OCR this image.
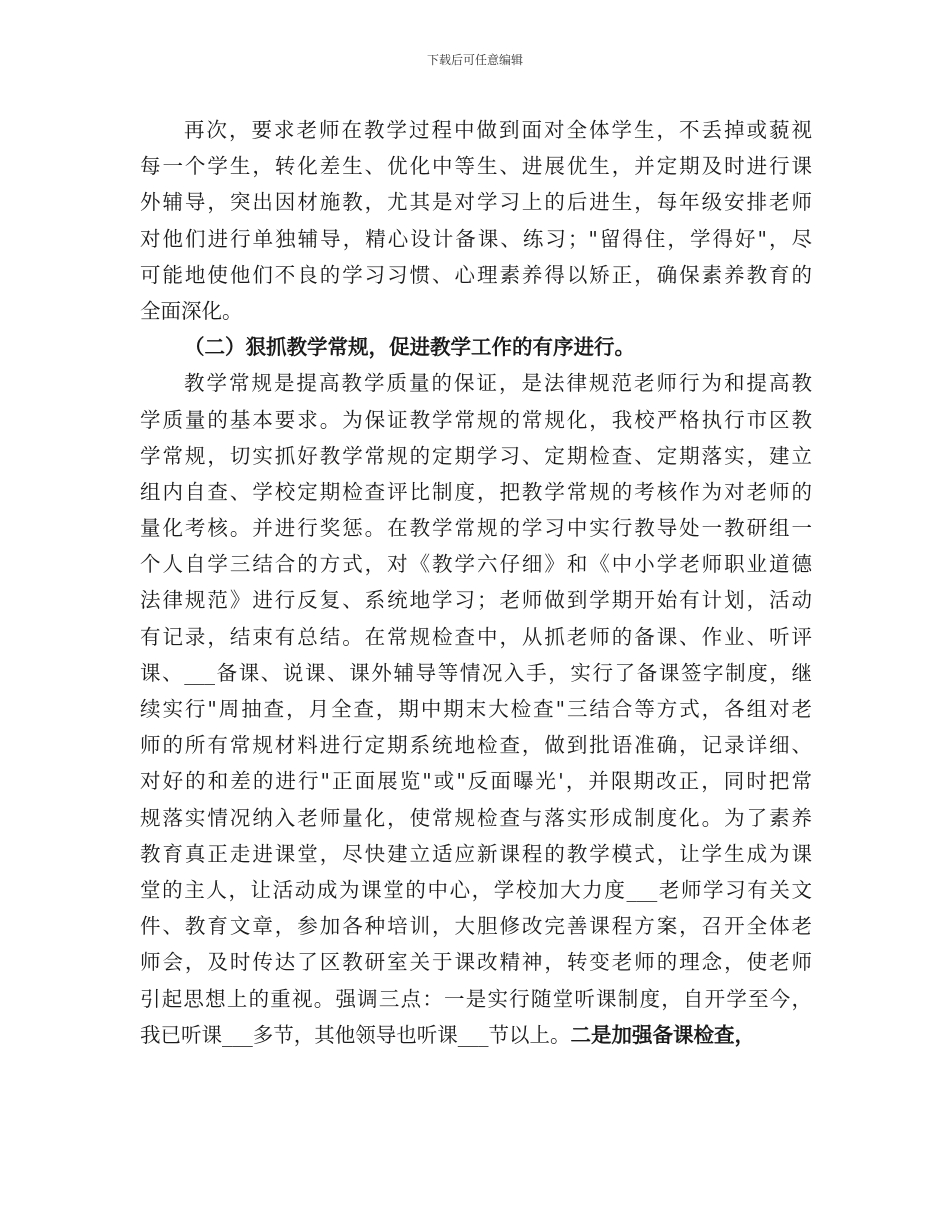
下载后可任意编辑
再次，要求老师在教学过程中做到面对全体学生，不丢掉或藐视
每一个学生，转化差生、优化中等生、进展优生，并定期及时进行课
外辅导，突出因材施教，尤其是对学习上的后进生，每年级安排老师
对他们进行单独辅导，精心设计备课、练习；"留得住，学得好"，尽
可能地使他们不良的学习习惯、心理素养得以矫正，确保素养教育的
全面深化。
（二）狠抓教学常规，促进教学工作的有序进行。
教学常规是提高教学质量的保证，是法律规范老师行为和提高教
学质量的基本要求。为保证教学常规的常规化，我校严格执行市区教
学常规，切实抓好教学常规的定期学习、定期检查、定期落实，建立
组内自查、学校定期检查评比制度，把教学常规的考核作为对老师的
量化考核。并进行奖惩。在教学常规的学习中实行教导处一教研组一
个人自学三结合的方式，对《教学六仔细》和《中小学老师职业道德
法律规范》进行反复、系统地学习；老师做到学期开始有计划，活动
有记录，结束有总结。在常规检查中，从抓老师的备课、作业、听评
课、___备课、说课、课外辅导等情况入手，实行了备课签字制度，继
续实行"周抽查，月全查，期中期末大检查"三结合等方式，各组对老
师的所有常规材料进行定期系统地检查，做到批语准确，记录详细、
对好的和差的进行"正面展览"或"反面曝光'，并限期改正，同时把常
规落实情况纳入老师量化，使常规检查与落实形成制度化。为了素养
教育真正走进课堂，尽快建立适应新课程的教学模式，让学生成为课
堂的主人，让活动成为课堂的中心，学校加大力度___老师学习有关文
件、教育文章，参加各种培训，大胆修改完善课程方案，召开全体老
师会，及时传达了区教研室关于课改精神，转变老师的理念，使老师
引起思想上的重视。强调三点：一是实行随堂听课制度，自开学至今，
我已听课___多节，其他领导也听课___节以上。二是加强备课检查，
